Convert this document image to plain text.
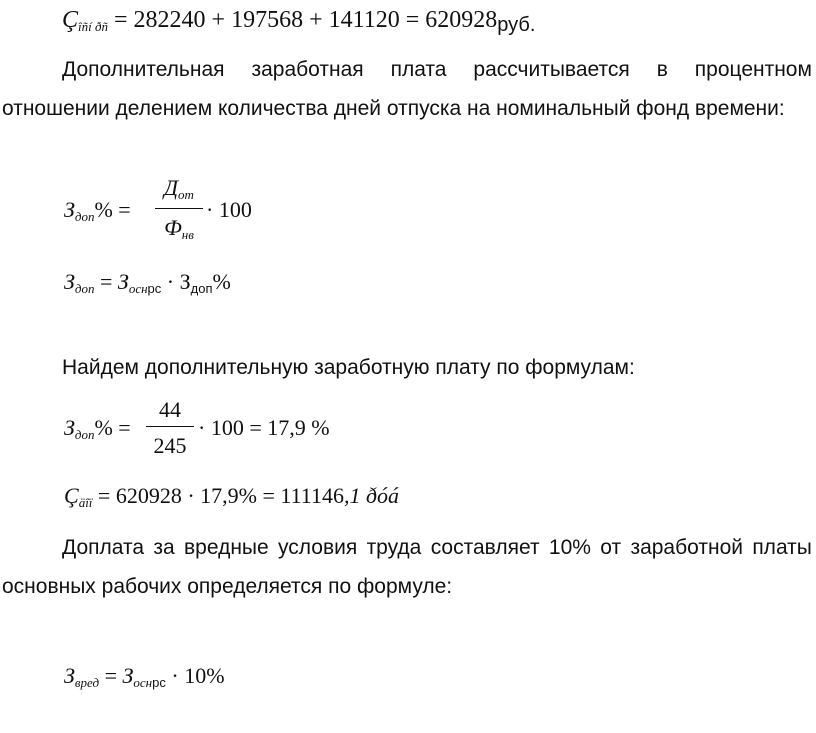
$Ç_{îñí ðñ} = 282240 + 197568 + 141120 = 620928руб$.
Дополнительная заработная плата рассчитывается в процентном
отношении делением количества дней отпуска на номинальный фонд времени:
$З_{доп}\%$ =
$Д_{от}$
$Ф_{нв}$
· 100
$З_{доп} = З_{осн}рс$ · Здоп%
Найдем дополнительную заработную плату по формулам:
$З_{доп}\%$ =
44
245
· 100 = 17,9 %
$Ç_{äîï} = 620928 \cdot 17,9\% = 111146,1$ ðóá
Доплата за вредные условия труда составляет 10% от заработной платы
основных рабочих определяется по формуле:
$З_{вред} = З_{осн}рс \cdot 10\%$
